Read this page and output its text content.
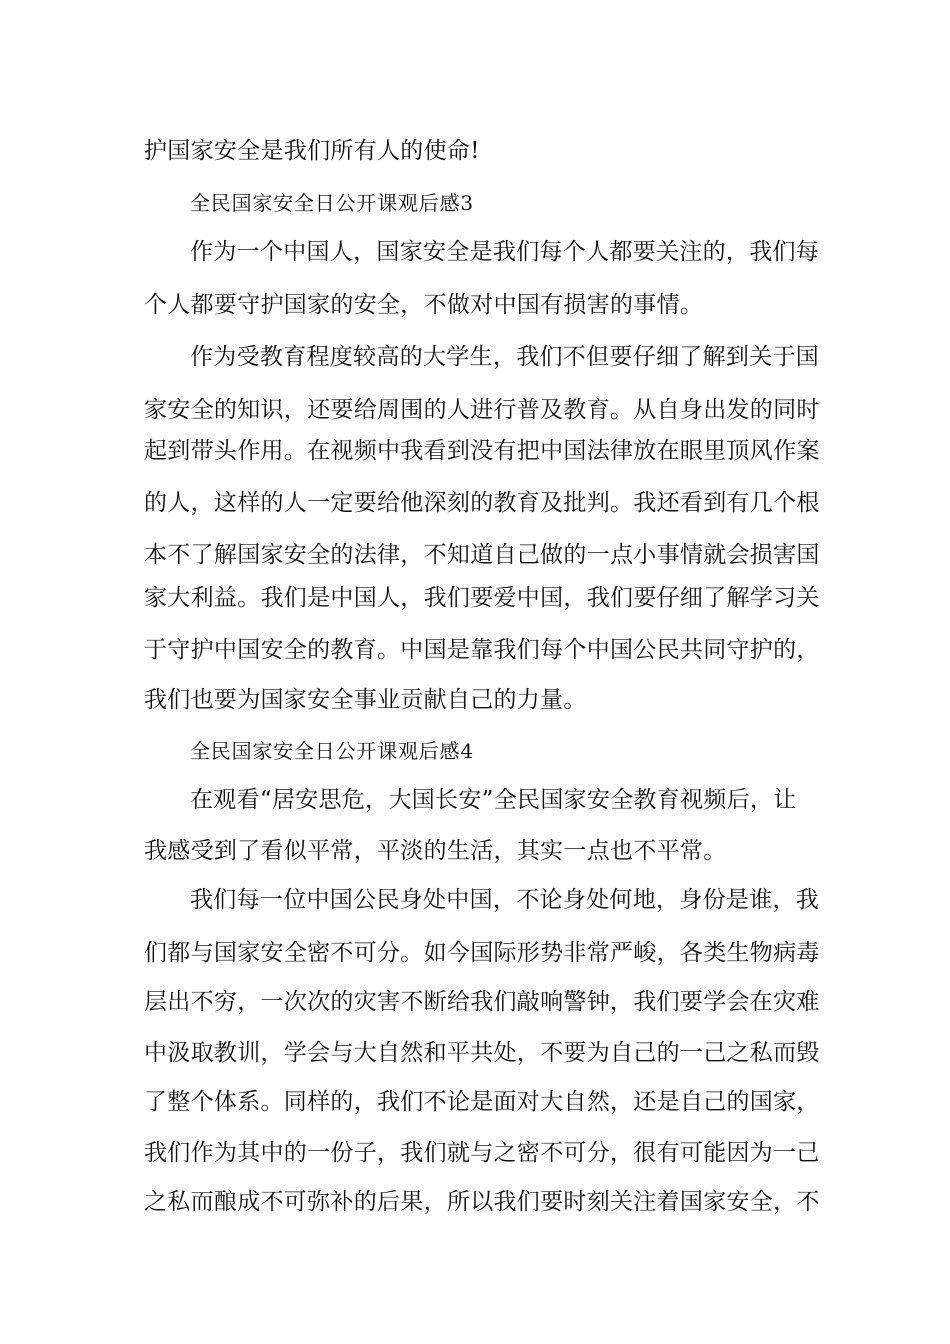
护国家安全是我们所有人的使命!
全民国家安全日公开课观后感3
作为一个中国人，国家安全是我们每个人都要关注的，我们每
个人都要守护国家的安全，不做对中国有损害的事情。
作为受教育程度较高的大学生，我们不但要仔细了解到关于国
家安全的知识，还要给周围的人进行普及教育。从自身出发的同时
起到带头作用。在视频中我看到没有把中国法律放在眼里顶风作案
的人，这样的人一定要给他深刻的教育及批判。我还看到有几个根
本不了解国家安全的法律，不知道自己做的一点小事情就会损害国
家大利益。我们是中国人，我们要爱中国，我们要仔细了解学习关
于守护中国安全的教育。中国是靠我们每个中国公民共同守护的，
我们也要为国家安全事业贡献自己的力量。
全民国家安全日公开课观后感4
在观看“居安思危，大国长安”全民国家安全教育视频后，让
我感受到了看似平常，平淡的生活，其实一点也不平常。
我们每一位中国公民身处中国，不论身处何地，身份是谁，我
们都与国家安全密不可分。如今国际形势非常严峻，各类生物病毒
层出不穷，一次次的灾害不断给我们敲响警钟，我们要学会在灾难
中汲取教训，学会与大自然和平共处，不要为自己的一己之私而毁
了整个体系。同样的，我们不论是面对大自然，还是自己的国家，
我们作为其中的一份子，我们就与之密不可分，很有可能因为一己
之私而酿成不可弥补的后果，所以我们要时刻关注着国家安全，不
